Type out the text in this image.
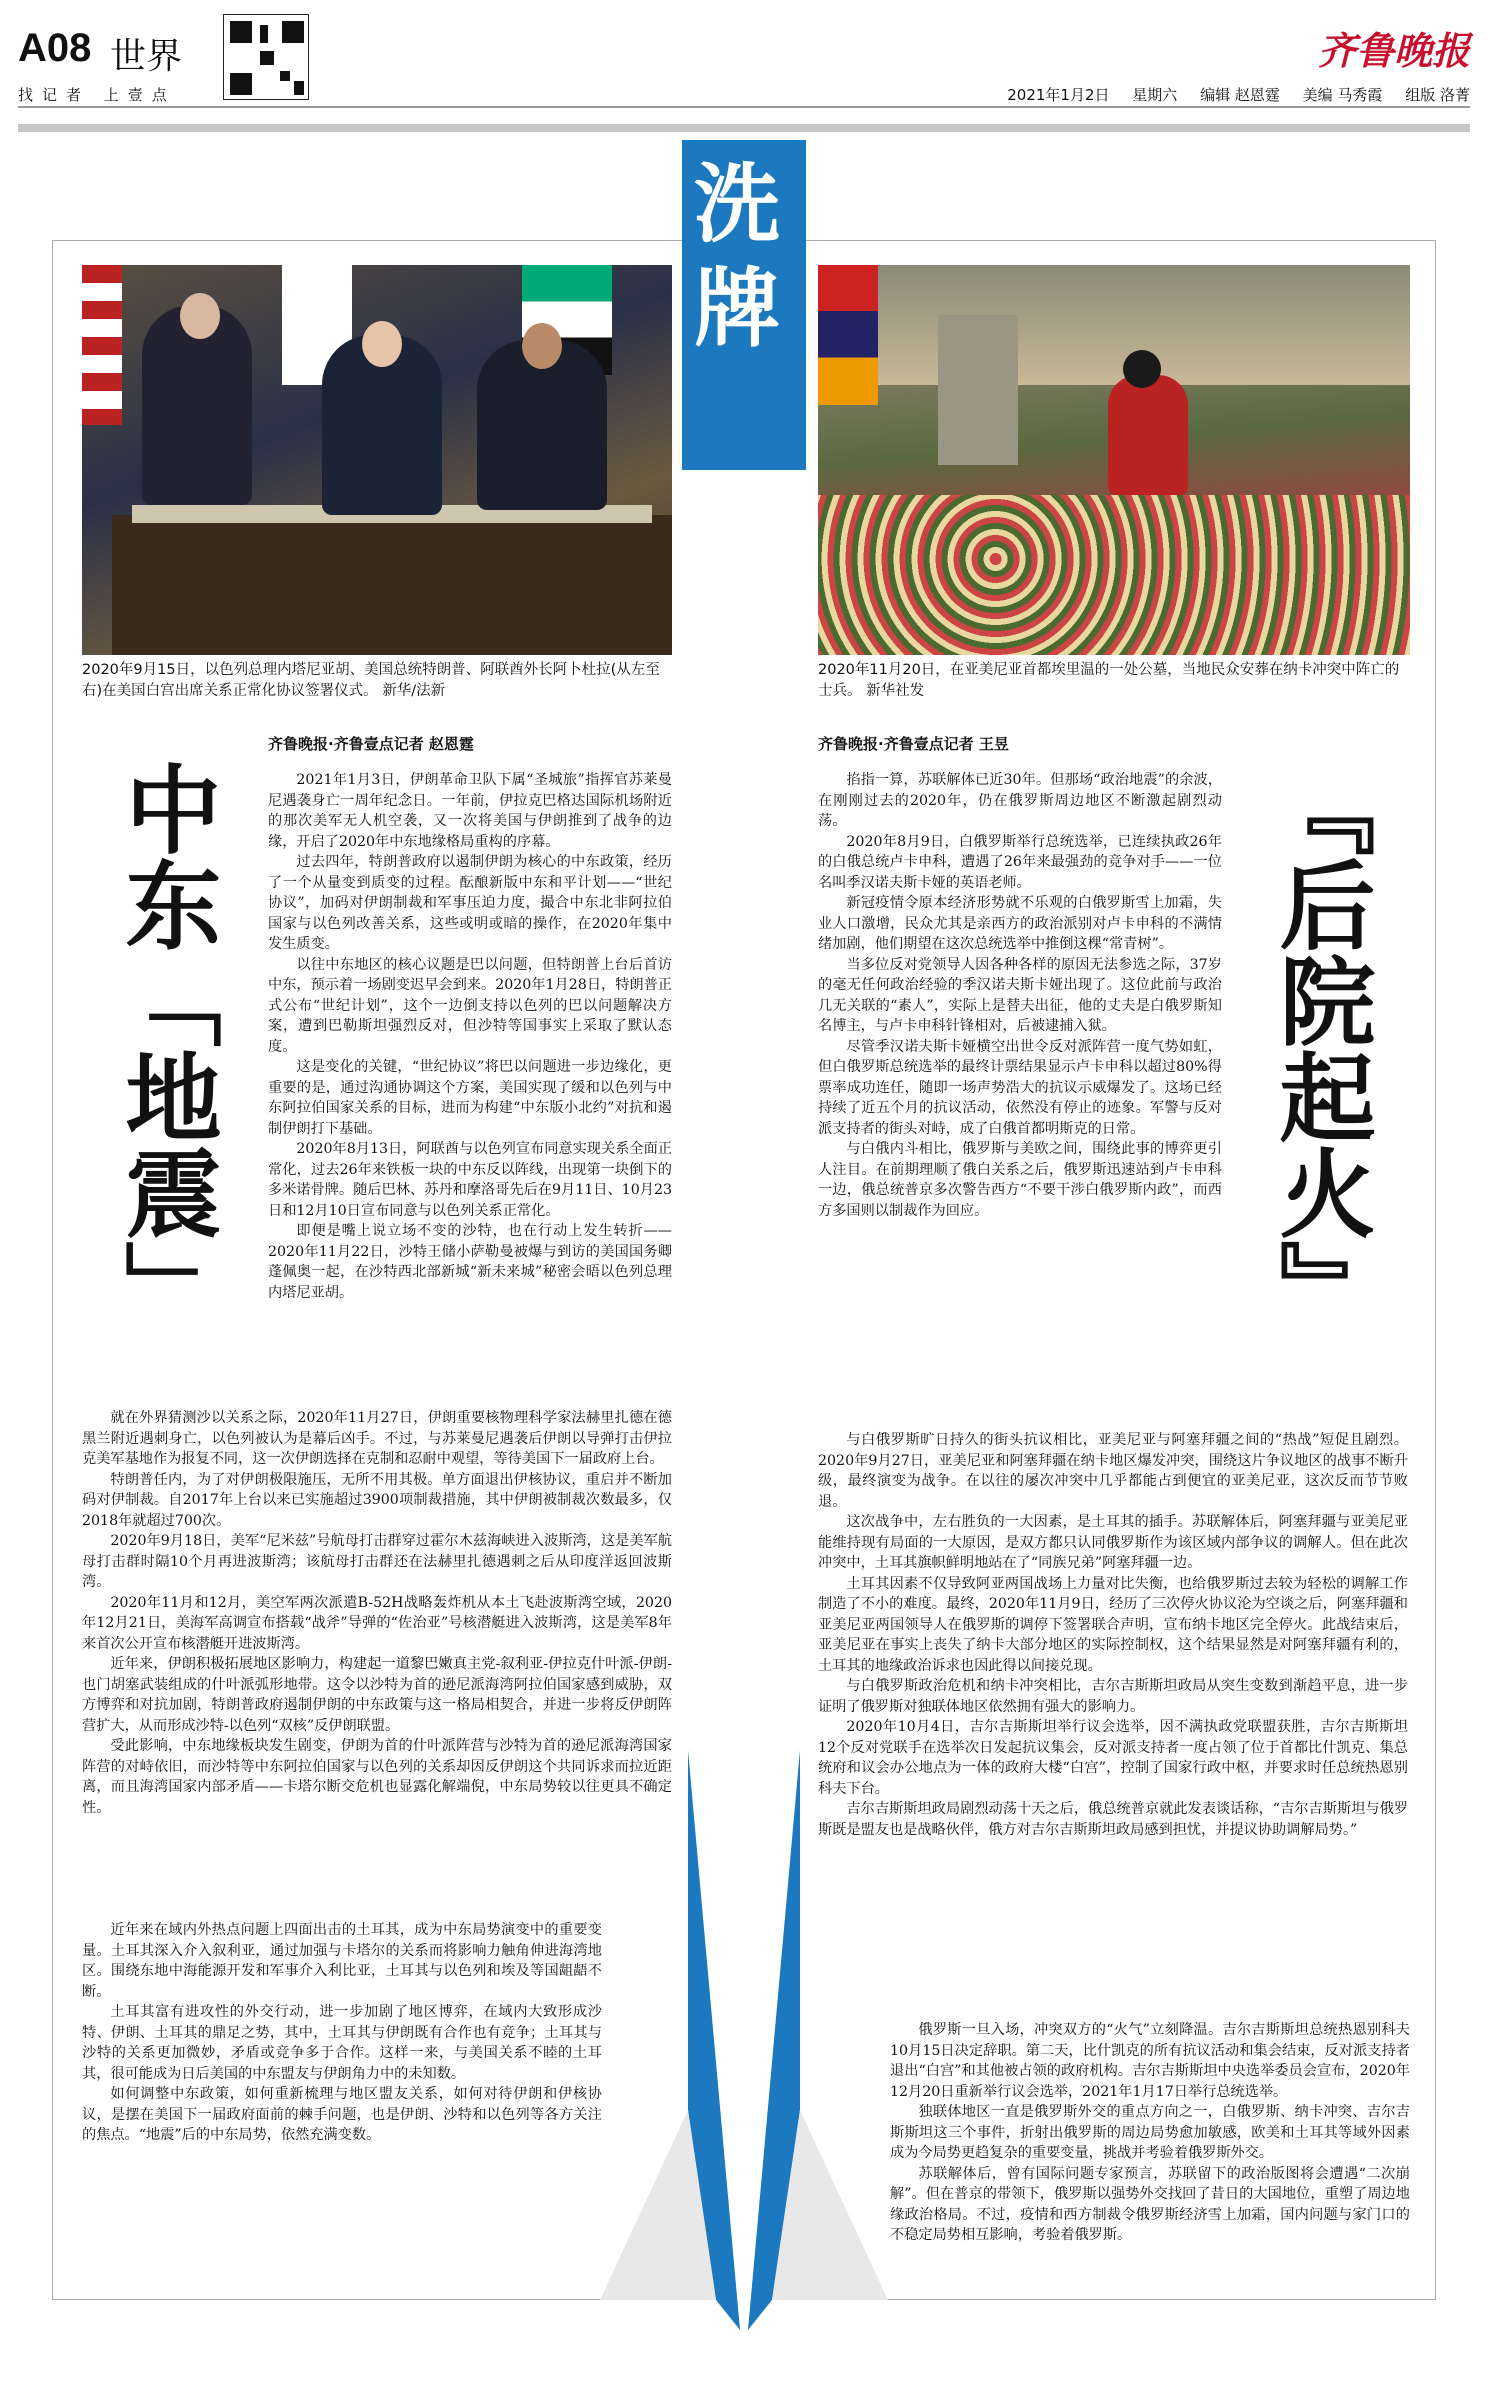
A08 世界
找记者 上壹点
齐鲁晚报
2021年1月2日 星期六 编辑 赵恩霆 美编 马秀霞 组版 洛菁
洗
牌
2020年9月15日，以色列总理内塔尼亚胡、美国总统特朗普、阿联酋外长阿卜杜拉(从左至右)在美国白宫出席关系正常化协议签署仪式。 新华/法新
2020年11月20日，在亚美尼亚首都埃里温的一处公墓，当地民众安葬在纳卡冲突中阵亡的士兵。 新华社发
齐鲁晚报·齐鲁壹点记者 赵恩霆	齐鲁晚报·齐鲁壹点记者 王昱
中东「地震」	『后院起火』

2021年1月3日，伊朗革命卫队下属“圣城旅”指挥官苏莱曼尼遇袭身亡一周年纪念日。一年前，伊拉克巴格达国际机场附近的那次美军无人机空袭，又一次将美国与伊朗推到了战争的边缘，开启了2020年中东地缘格局重构的序幕。

过去四年，特朗普政府以遏制伊朗为核心的中东政策，经历了一个从量变到质变的过程。酝酿新版中东和平计划——“世纪协议”，加码对伊朗制裁和军事压迫力度，撮合中东北非阿拉伯国家与以色列改善关系，这些或明或暗的操作，在2020年集中发生质变。

以往中东地区的核心议题是巴以问题，但特朗普上台后首访中东，预示着一场剧变迟早会到来。2020年1月28日，特朗普正式公布“世纪计划”，这个一边倒支持以色列的巴以问题解决方案，遭到巴勒斯坦强烈反对，但沙特等国事实上采取了默认态度。

这是变化的关键，“世纪协议”将巴以问题进一步边缘化，更重要的是，通过沟通协调这个方案，美国实现了缓和以色列与中东阿拉伯国家关系的目标，进而为构建“中东版小北约”对抗和遏制伊朗打下基础。

2020年8月13日，阿联酋与以色列宣布同意实现关系全面正常化，过去26年来铁板一块的中东反以阵线，出现第一块倒下的多米诺骨牌。随后巴林、苏丹和摩洛哥先后在9月11日、10月23日和12月10日宣布同意与以色列关系正常化。

即便是嘴上说立场不变的沙特，也在行动上发生转折——2020年11月22日，沙特王储小萨勒曼被爆与到访的美国国务卿蓬佩奥一起，在沙特西北部新城“新未来城”秘密会晤以色列总理内塔尼亚胡。

就在外界猜测沙以关系之际，2020年11月27日，伊朗重要核物理科学家法赫里扎德在德黑兰附近遇刺身亡，以色列被认为是幕后凶手。不过，与苏莱曼尼遇袭后伊朗以导弹打击伊拉克美军基地作为报复不同，这一次伊朗选择在克制和忍耐中观望，等待美国下一届政府上台。

特朗普任内，为了对伊朗极限施压，无所不用其极。单方面退出伊核协议，重启并不断加码对伊制裁。自2017年上台以来已实施超过3900项制裁措施，其中伊朗被制裁次数最多，仅2018年就超过700次。

2020年9月18日，美军“尼米兹”号航母打击群穿过霍尔木兹海峡进入波斯湾，这是美军航母打击群时隔10个月再进波斯湾；该航母打击群还在法赫里扎德遇刺之后从印度洋返回波斯湾。

2020年11月和12月，美空军两次派遣B-52H战略轰炸机从本土飞赴波斯湾空域，2020年12月21日，美海军高调宣布搭载“战斧”导弹的“佐治亚”号核潜艇进入波斯湾，这是美军8年来首次公开宣布核潜艇开进波斯湾。

近年来，伊朗积极拓展地区影响力，构建起一道黎巴嫩真主党-叙利亚-伊拉克什叶派-伊朗-也门胡塞武装组成的什叶派弧形地带。这令以沙特为首的逊尼派海湾阿拉伯国家感到威胁，双方博弈和对抗加剧，特朗普政府遏制伊朗的中东政策与这一格局相契合，并进一步将反伊朗阵营扩大，从而形成沙特-以色列“双核”反伊朗联盟。

受此影响，中东地缘板块发生剧变，伊朗为首的什叶派阵营与沙特为首的逊尼派海湾国家阵营的对峙依旧，而沙特等中东阿拉伯国家与以色列的关系却因反伊朗这个共同诉求而拉近距离，而且海湾国家内部矛盾——卡塔尔断交危机也显露化解端倪，中东局势较以往更具不确定性。

近年来在域内外热点问题上四面出击的土耳其，成为中东局势演变中的重要变量。土耳其深入介入叙利亚，通过加强与卡塔尔的关系而将影响力触角伸进海湾地区。围绕东地中海能源开发和军事介入利比亚，土耳其与以色列和埃及等国龃龉不断。

土耳其富有进攻性的外交行动，进一步加剧了地区博弈，在域内大致形成沙特、伊朗、土耳其的鼎足之势，其中，土耳其与伊朗既有合作也有竞争；土耳其与沙特的关系更加微妙，矛盾或竞争多于合作。这样一来，与美国关系不睦的土耳其，很可能成为日后美国的中东盟友与伊朗角力中的未知数。

如何调整中东政策，如何重新梳理与地区盟友关系，如何对待伊朗和伊核协议，是摆在美国下一届政府面前的棘手问题，也是伊朗、沙特和以色列等各方关注的焦点。“地震”后的中东局势，依然充满变数。

掐指一算，苏联解体已近30年。但那场“政治地震”的余波，在刚刚过去的2020年，仍在俄罗斯周边地区不断激起剧烈动荡。

2020年8月9日，白俄罗斯举行总统选举，已连续执政26年的白俄总统卢卡申科，遭遇了26年来最强劲的竞争对手——一位名叫季汉诺夫斯卡娅的英语老师。

新冠疫情令原本经济形势就不乐观的白俄罗斯雪上加霜，失业人口激增，民众尤其是亲西方的政治派别对卢卡申科的不满情绪加剧，他们期望在这次总统选举中推倒这棵“常青树”。

当多位反对党领导人因各种各样的原因无法参选之际，37岁的毫无任何政治经验的季汉诺夫斯卡娅出现了。这位此前与政治几无关联的“素人”，实际上是替夫出征，他的丈夫是白俄罗斯知名博主，与卢卡申科针锋相对，后被逮捕入狱。

尽管季汉诺夫斯卡娅横空出世令反对派阵营一度气势如虹，但白俄罗斯总统选举的最终计票结果显示卢卡申科以超过80%得票率成功连任，随即一场声势浩大的抗议示威爆发了。这场已经持续了近五个月的抗议活动，依然没有停止的迹象。军警与反对派支持者的街头对峙，成了白俄首都明斯克的日常。

与白俄内斗相比，俄罗斯与美欧之间，围绕此事的博弈更引人注目。在前期理顺了俄白关系之后，俄罗斯迅速站到卢卡申科一边，俄总统普京多次警告西方“不要干涉白俄罗斯内政”，而西方多国则以制裁作为回应。

与白俄罗斯旷日持久的街头抗议相比，亚美尼亚与阿塞拜疆之间的“热战”短促且剧烈。2020年9月27日，亚美尼亚和阿塞拜疆在纳卡地区爆发冲突，围绕这片争议地区的战事不断升级，最终演变为战争。在以往的屡次冲突中几乎都能占到便宜的亚美尼亚，这次反而节节败退。

这次战争中，左右胜负的一大因素，是土耳其的插手。苏联解体后，阿塞拜疆与亚美尼亚能维持现有局面的一大原因，是双方都只认同俄罗斯作为该区域内部争议的调解人。但在此次冲突中，土耳其旗帜鲜明地站在了“同族兄弟”阿塞拜疆一边。

土耳其因素不仅导致阿亚两国战场上力量对比失衡，也给俄罗斯过去较为轻松的调解工作制造了不小的难度。最终，2020年11月9日，经历了三次停火协议沦为空谈之后，阿塞拜疆和亚美尼亚两国领导人在俄罗斯的调停下签署联合声明，宣布纳卡地区完全停火。此战结束后，亚美尼亚在事实上丧失了纳卡大部分地区的实际控制权，这个结果显然是对阿塞拜疆有利的，土耳其的地缘政治诉求也因此得以间接兑现。

与白俄罗斯政治危机和纳卡冲突相比，吉尔吉斯斯坦政局从突生变数到渐趋平息，进一步证明了俄罗斯对独联体地区依然拥有强大的影响力。

2020年10月4日，吉尔吉斯斯坦举行议会选举，因不满执政党联盟获胜，吉尔吉斯斯坦12个反对党联手在选举次日发起抗议集会，反对派支持者一度占领了位于首都比什凯克、集总统府和议会办公地点为一体的政府大楼“白宫”，控制了国家行政中枢，并要求时任总统热恩别科夫下台。

吉尔吉斯斯坦政局剧烈动荡十天之后，俄总统普京就此发表谈话称，“吉尔吉斯斯坦与俄罗斯既是盟友也是战略伙伴，俄方对吉尔吉斯斯坦政局感到担忧，并提议协助调解局势。”

俄罗斯一旦入场，冲突双方的“火气”立刻降温。吉尔吉斯斯坦总统热恩别科夫10月15日决定辞职。第二天，比什凯克的所有抗议活动和集会结束，反对派支持者退出“白宫”和其他被占领的政府机构。吉尔吉斯斯坦中央选举委员会宣布，2020年12月20日重新举行议会选举，2021年1月17日举行总统选举。

独联体地区一直是俄罗斯外交的重点方向之一，白俄罗斯、纳卡冲突、吉尔吉斯斯坦这三个事件，折射出俄罗斯的周边局势愈加敏感，欧美和土耳其等域外因素成为今局势更趋复杂的重要变量，挑战并考验着俄罗斯外交。

苏联解体后，曾有国际问题专家预言，苏联留下的政治版图将会遭遇“二次崩解”。但在普京的带领下，俄罗斯以强势外交找回了昔日的大国地位，重塑了周边地缘政治格局。不过，疫情和西方制裁令俄罗斯经济雪上加霜，国内问题与家门口的不稳定局势相互影响，考验着俄罗斯。
